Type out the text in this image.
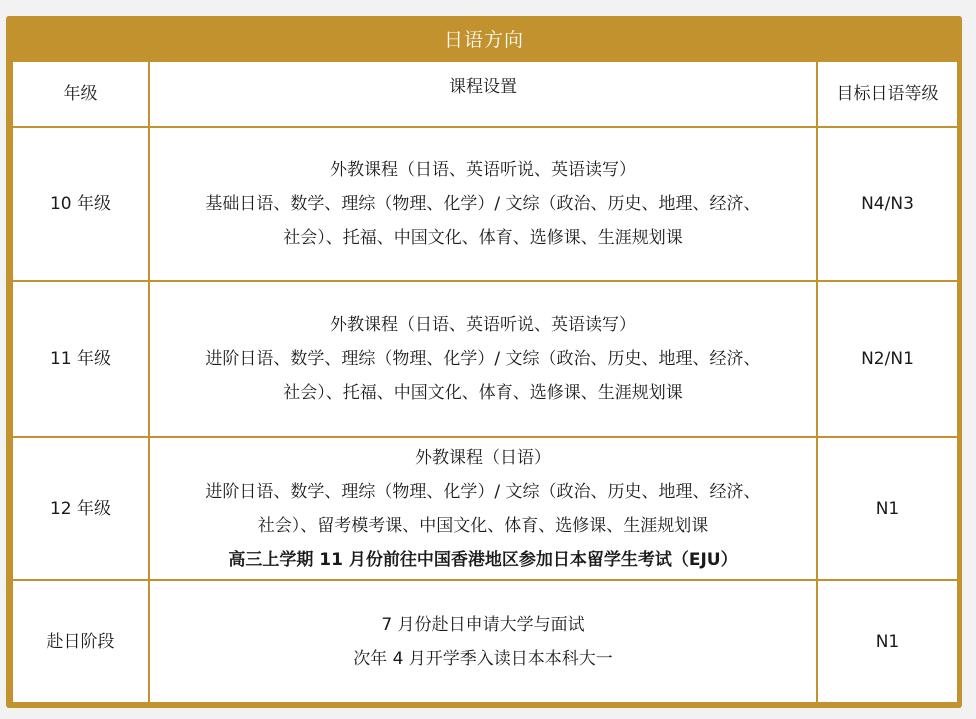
日语方向
年级	课程设置	目标日语等级
10 年级	外教课程（日语、英语听说、英语读写）
基础日语、数学、理综（物理、化学）/ 文综（政治、历史、地理、经济、
社会）、托福、中国文化、体育、选修课、生涯规划课	N4/N3
11 年级	外教课程（日语、英语听说、英语读写）
进阶日语、数学、理综（物理、化学）/ 文综（政治、历史、地理、经济、
社会）、托福、中国文化、体育、选修课、生涯规划课	N2/N1
12 年级	外教课程（日语）
进阶日语、数学、理综（物理、化学）/ 文综（政治、历史、地理、经济、
社会）、留考模考课、中国文化、体育、选修课、生涯规划课
高三上学期 11 月份前往中国香港地区参加日本留学生考试（EJU）	N1
赴日阶段	7 月份赴日申请大学与面试
次年 4 月开学季入读日本本科大一	N1
